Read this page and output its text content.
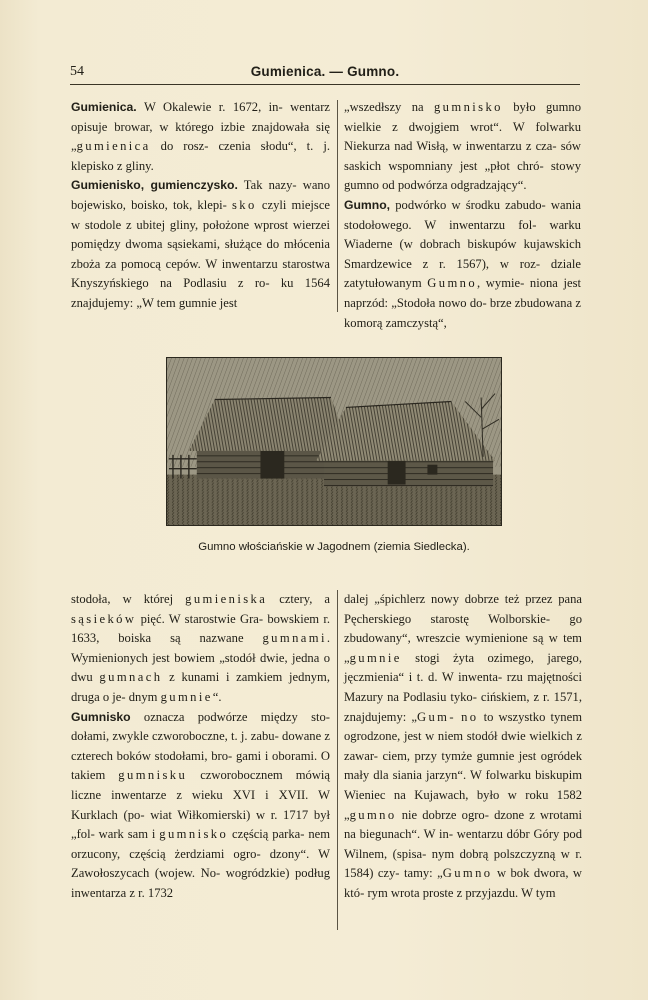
54	Gumienica. — Gumno.

Gumienica. W Okalewie r. 1672, in- wentarz opisuje browar, w którego izbie znajdowała się „gumienica do rosz- czenia słodu“, t. j. klepisko z gliny.

Gumienisko, gumienczysko. Tak nazy- wano bojewisko, boisko, tok, klepi- sko czyli miejsce w stodole z ubitej gliny, położone wprost wierzei pomiędzy dwoma sąsiekami, służące do młócenia zboża za pomocą cepów. W inwentarzu starostwa Knyszyńskiego na Podlasiu z ro- ku 1564 znajdujemy: „W tem gumnie jest

„wszedłszy na gumnisko było gumno wielkie z dwojgiem wrot“. W folwarku Niekurza nad Wisłą, w inwentarzu z cza- sów saskich wspomniany jest „płot chró- stowy gumno od podwórza odgradzający“.

Gumno, podwórko w środku zabudo- wania stodołowego. W inwentarzu fol- warku Wiaderne (w dobrach biskupów kujawskich Smardzewice z r. 1567), w roz- dziale zatytułowanym Gumno, wymie- niona jest naprzód: „Stodoła nowo do- brze zbudowana z komorą zamczystą“,

Gumno włościańskie w Jagodnem (ziemia Siedlecka).

stodoła, w której gumieniska cztery, a sąsieków pięć. W starostwie Gra- bowskiem r. 1633, boiska są nazwane gumnami. Wymienionych jest bowiem „stodół dwie, jedna o dwu gumnach z kunami i zamkiem jednym, druga o je- dnym gumnie“.

Gumnisko oznacza podwórze między sto- dołami, zwykle czworoboczne, t. j. zabu- dowane z czterech boków stodołami, bro- gami i oborami. O takiem gumnisku czworobocznem mówią liczne inwentarze z wieku XVI i XVII. W Kurklach (po- wiat Wiłkomierski) w r. 1717 był „fol- wark sam i gumnisko częścią parka- nem orzucony, częścią żerdziami ogro- dzony“. W Zawołoszycach (wojew. No- wogródzkie) podług inwentarza z r. 1732

dalej „śpichlerz nowy dobrze też przez pana Pęcherskiego starostę Wolborskie- go zbudowany“, wreszcie wymienione są w tem „gumnie stogi żyta ozimego, jarego, jęczmienia“ i t. d. W inwenta- rzu majętności Mazury na Podlasiu tyko- cińskiem, z r. 1571, znajdujemy: „Gum- no to wszystko tynem ogrodzone, jest w niem stodół dwie wielkich z zawar- ciem, przy tymże gumnie jest ogródek mały dla siania jarzyn“. W folwarku biskupim Wieniec na Kujawach, było w roku 1582 „gumno nie dobrze ogro- dzone z wrotami na biegunach“. W in- wentarzu dóbr Góry pod Wilnem, (spisa- nym dobrą polszczyzną w r. 1584) czy- tamy: „Gumno w bok dwora, w któ- rym wrota proste z przyjazdu. W tym
